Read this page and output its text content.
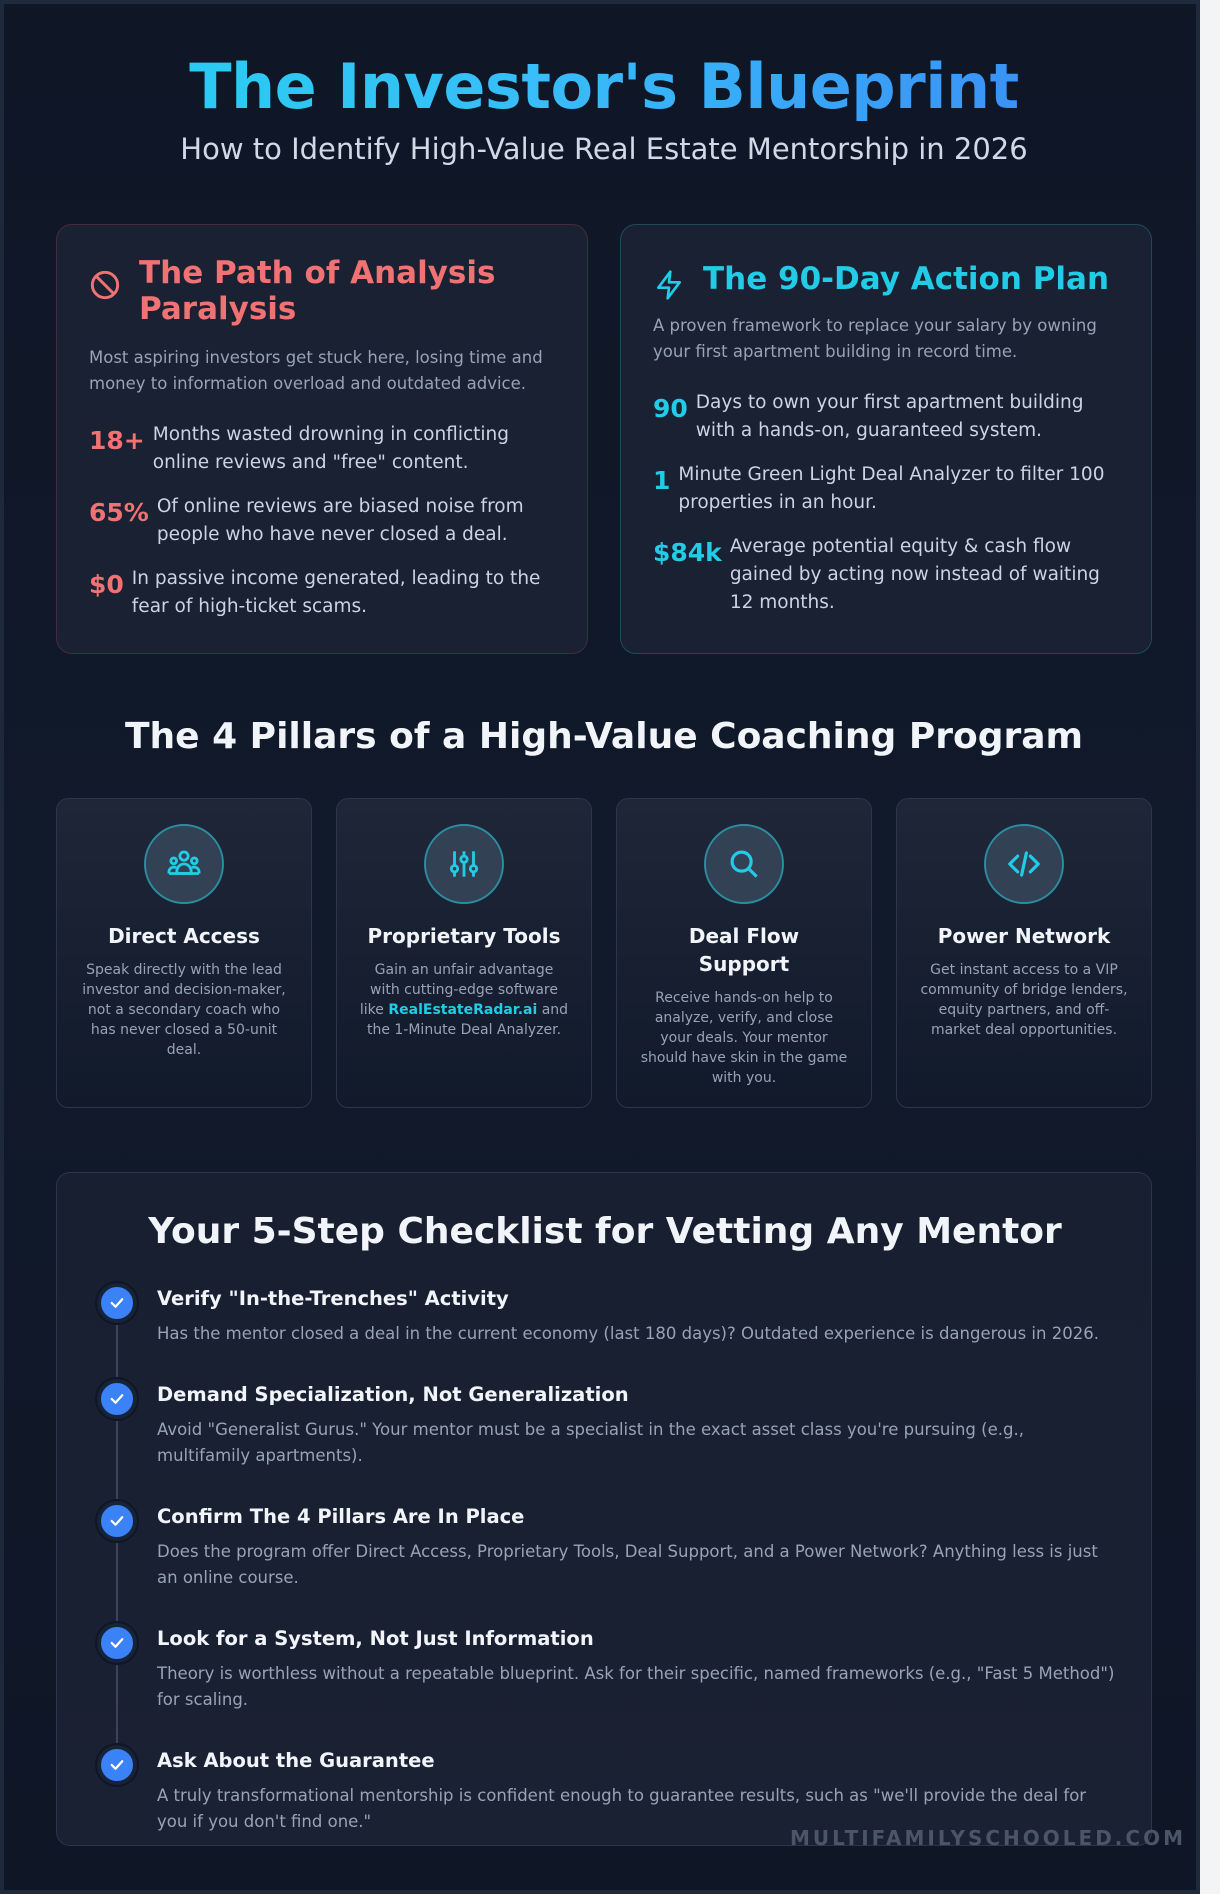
The Investor's Blueprint
How to Identify High-Value Real Estate Mentorship in 2026
The Path of Analysis Paralysis
Most aspiring investors get stuck here, losing time and money to information overload and outdated advice.
18+ Months wasted drowning in conflicting online reviews and "free" content.
65% Of online reviews are biased noise from people who have never closed a deal.
$0 In passive income generated, leading to the fear of high-ticket scams.
The 90-Day Action Plan
A proven framework to replace your salary by owning your first apartment building in record time.
90 Days to own your first apartment building with a hands-on, guaranteed system.
1 Minute Green Light Deal Analyzer to filter 100 properties in an hour.
$84k Average potential equity & cash flow gained by acting now instead of waiting 12 months.
The 4 Pillars of a High-Value Coaching Program
Direct Access

Speak directly with the lead investor and decision-maker, not a secondary coach who has never closed a 50-unit deal.

Proprietary Tools

Gain an unfair advantage with cutting-edge software like RealEstateRadar.ai and the 1-Minute Deal Analyzer.

Deal Flow Support

Receive hands-on help to analyze, verify, and close your deals. Your mentor should have skin in the game with you.

Power Network

Get instant access to a VIP community of bridge lenders, equity partners, and off-market deal opportunities.

Your 5-Step Checklist for Vetting Any Mentor
Verify "In-the-Trenches" Activity

Has the mentor closed a deal in the current economy (last 180 days)? Outdated experience is dangerous in 2026.

Demand Specialization, Not Generalization

Avoid "Generalist Gurus." Your mentor must be a specialist in the exact asset class you're pursuing (e.g., multifamily apartments).

Confirm The 4 Pillars Are In Place

Does the program offer Direct Access, Proprietary Tools, Deal Support, and a Power Network? Anything less is just an online course.

Look for a System, Not Just Information

Theory is worthless without a repeatable blueprint. Ask for their specific, named frameworks (e.g., "Fast 5 Method") for scaling.

Ask About the Guarantee

A truly transformational mentorship is confident enough to guarantee results, such as "we'll provide the deal for you if you don't find one."

MULTIFAMILYSCHOOLED.COM
